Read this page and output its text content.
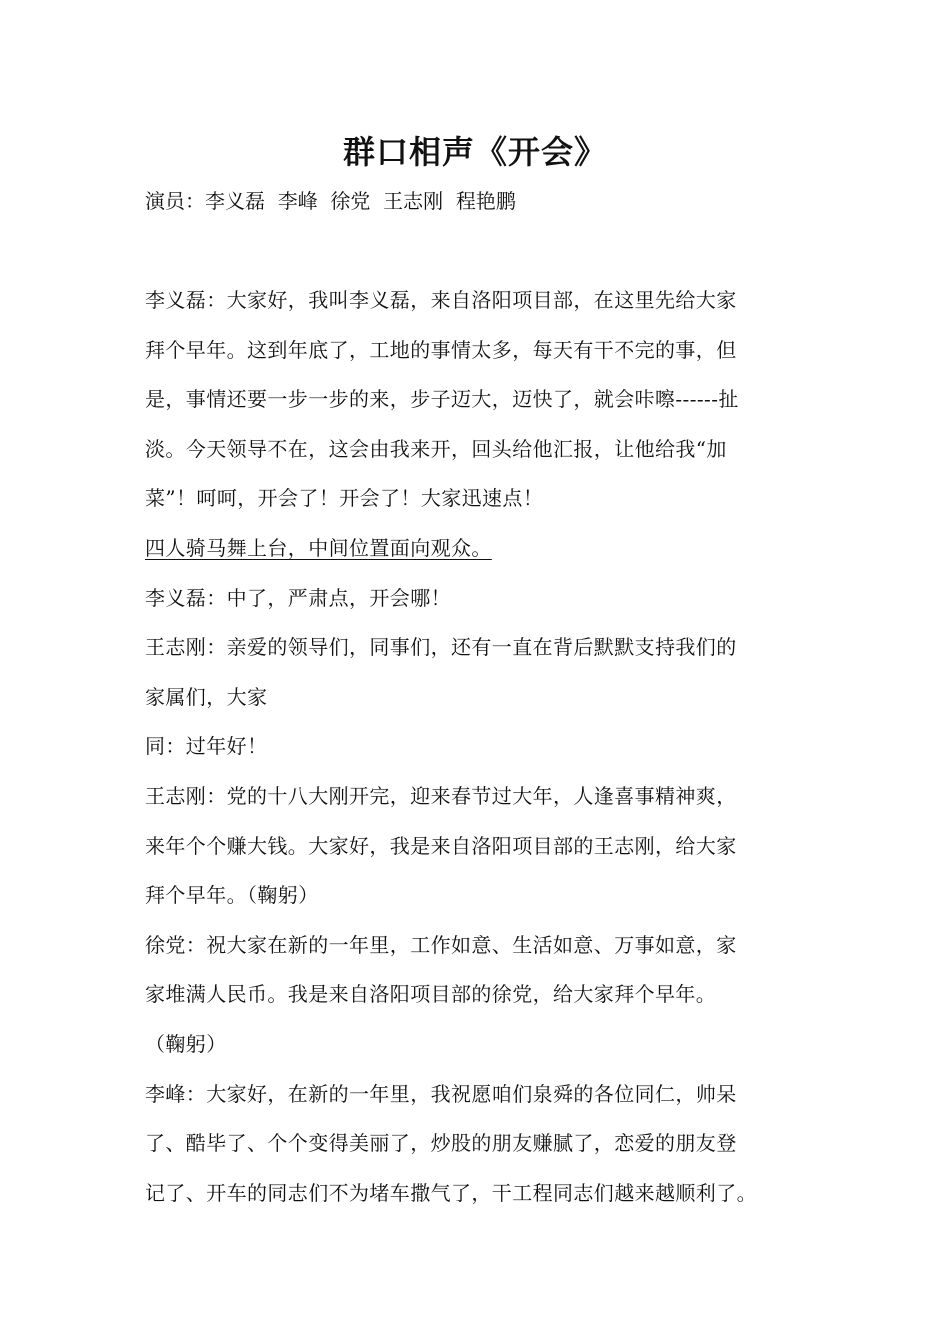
群口相声《开会》
演员：李义磊  李峰  徐党  王志刚  程艳鹏
李义磊：大家好，我叫李义磊，来自洛阳项目部，在这里先给大家
拜个早年。这到年底了，工地的事情太多，每天有干不完的事，但
是，事情还要一步一步的来，步子迈大，迈快了，就会咔嚓------扯
淡。今天领导不在，这会由我来开，回头给他汇报，让他给我“加
菜”！呵呵，开会了！开会了！大家迅速点！
四人骑马舞上台，中间位置面向观众。
李义磊：中了，严肃点，开会哪！
王志刚：亲爱的领导们，同事们，还有一直在背后默默支持我们的
家属们，大家
同：过年好！
王志刚：党的十八大刚开完，迎来春节过大年，人逢喜事精神爽，
来年个个赚大钱。大家好，我是来自洛阳项目部的王志刚，给大家
拜个早年。（鞠躬）
徐党：祝大家在新的一年里，工作如意、生活如意、万事如意，家
家堆满人民币。我是来自洛阳项目部的徐党，给大家拜个早年。
（鞠躬）
李峰：大家好，在新的一年里，我祝愿咱们泉舜的各位同仁，帅呆
了、酷毕了、个个变得美丽了，炒股的朋友赚腻了，恋爱的朋友登
记了、开车的同志们不为堵车撒气了，干工程同志们越来越顺利了。
